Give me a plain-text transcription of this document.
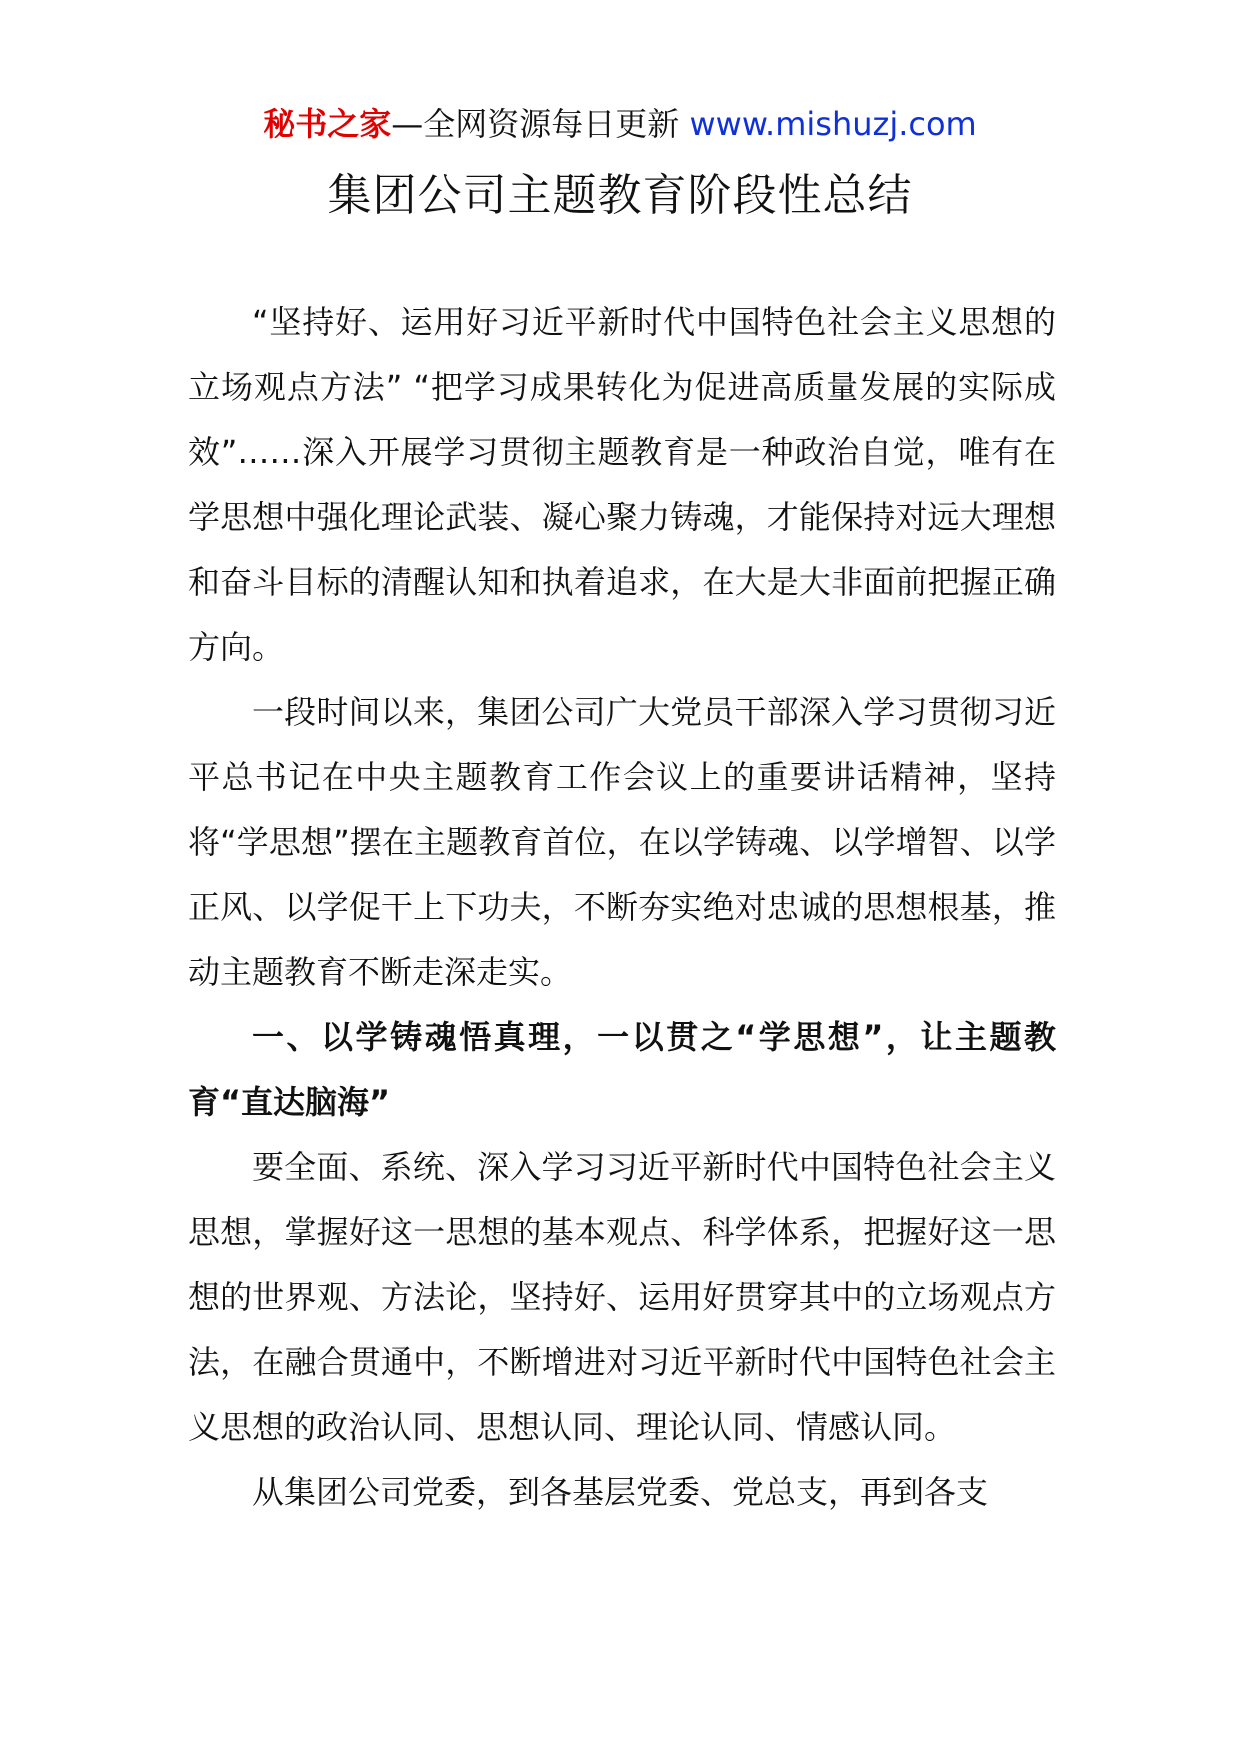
秘书之家—全网资源每日更新 www.mishuzj.com
集团公司主题教育阶段性总结

“坚持好、运用好习近平新时代中国特色社会主义思想的立场观点方法” “把学习成果转化为促进高质量发展的实际成效”……深入开展学习贯彻主题教育是一种政治自觉，唯有在学思想中强化理论武装、凝心聚力铸魂，才能保持对远大理想和奋斗目标的清醒认知和执着追求，在大是大非面前把握正确方向。

一段时间以来，集团公司广大党员干部深入学习贯彻习近平总书记在中央主题教育工作会议上的重要讲话精神，坚持将“学思想”摆在主题教育首位，在以学铸魂、以学增智、以学正风、以学促干上下功夫，不断夯实绝对忠诚的思想根基，推动主题教育不断走深走实。

一、以学铸魂悟真理，一以贯之“学思想”，让主题教育“直达脑海”

要全面、系统、深入学习习近平新时代中国特色社会主义思想，掌握好这一思想的基本观点、科学体系，把握好这一思想的世界观、方法论，坚持好、运用好贯穿其中的立场观点方法，在融合贯通中，不断增进对习近平新时代中国特色社会主义思想的政治认同、思想认同、理论认同、情感认同。

从集团公司党委，到各基层党委、党总支，再到各支
